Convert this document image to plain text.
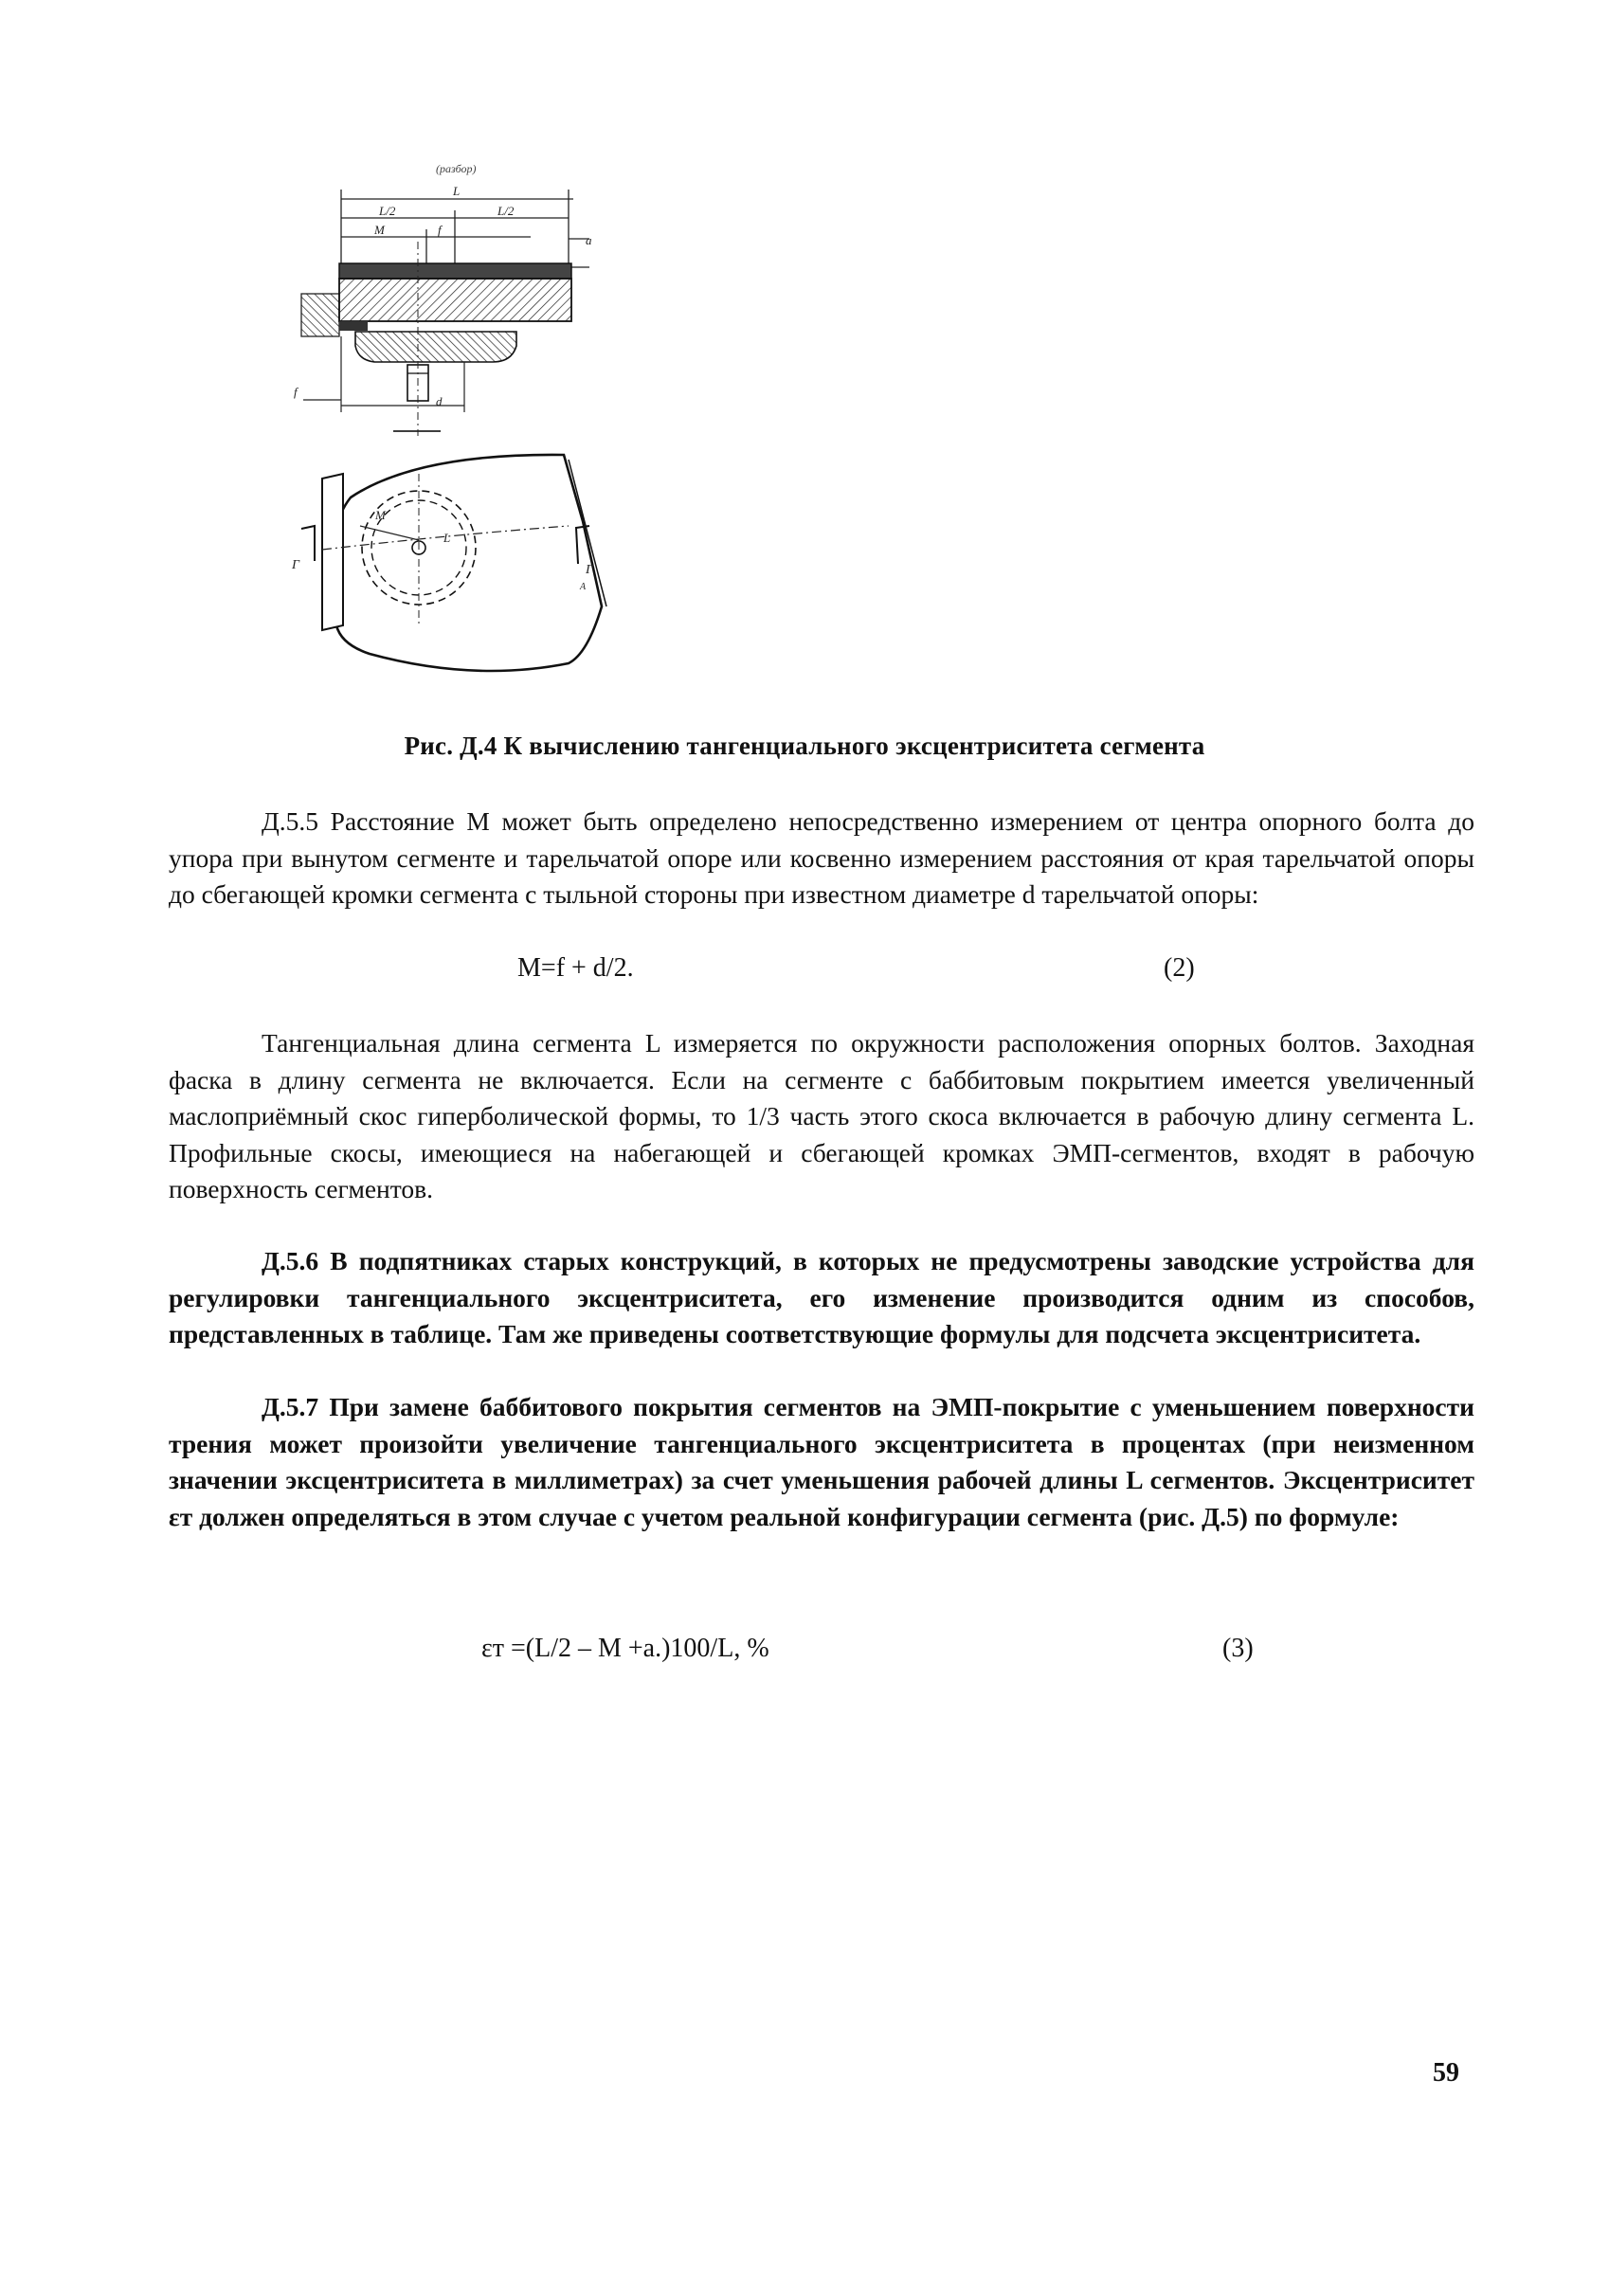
(разбор)
L
L/2	L/2
M	f
a
f
d
M
L
Г	Г
А
Рис. Д.4 К вычислению тангенциального эксцентриситета сегмента

Д.5.5 Расстояние М может быть определено непосредственно измерением от центра опорного болта до упора при вынутом сегменте и тарельчатой опоре или косвенно измерением расстояния от края тарельчатой опоры до сбегающей кромки сегмента с тыльной стороны при известном диаметре d тарельчатой опоры:

M=f + d/2.	(2)

Тангенциальная длина сегмента L измеряется по окружности расположения опорных болтов. Заходная фаска в длину сегмента не включается. Если на сегменте с баббитовым покрытием имеется увеличенный маслоприёмный скос гиперболической формы, то 1/3 часть этого скоса включается в рабочую длину сегмента L. Профильные скосы, имеющиеся на набегающей и сбегающей кромках ЭМП-сегментов, входят в рабочую поверхность сегментов.

Д.5.6 В подпятниках старых конструкций, в которых не предусмотрены заводские устройства для регулировки тангенциального эксцентриситета, его изменение производится одним из способов, представленных в таблице. Там же приведены соответствующие формулы для подсчета эксцентриситета.

Д.5.7 При замене баббитового покрытия сегментов на ЭМП-покрытие с уменьшением поверхности трения может произойти увеличение тангенциального эксцентриситета в процентах (при неизменном значении эксцентриситета в миллиметрах) за счет уменьшения рабочей длины L сегментов. Эксцентриситет εт должен определяться в этом случае с учетом реальной конфигурации сегмента (рис. Д.5) по формуле:

εт =(L/2 – M +a.)100/L, %	(3)
59
